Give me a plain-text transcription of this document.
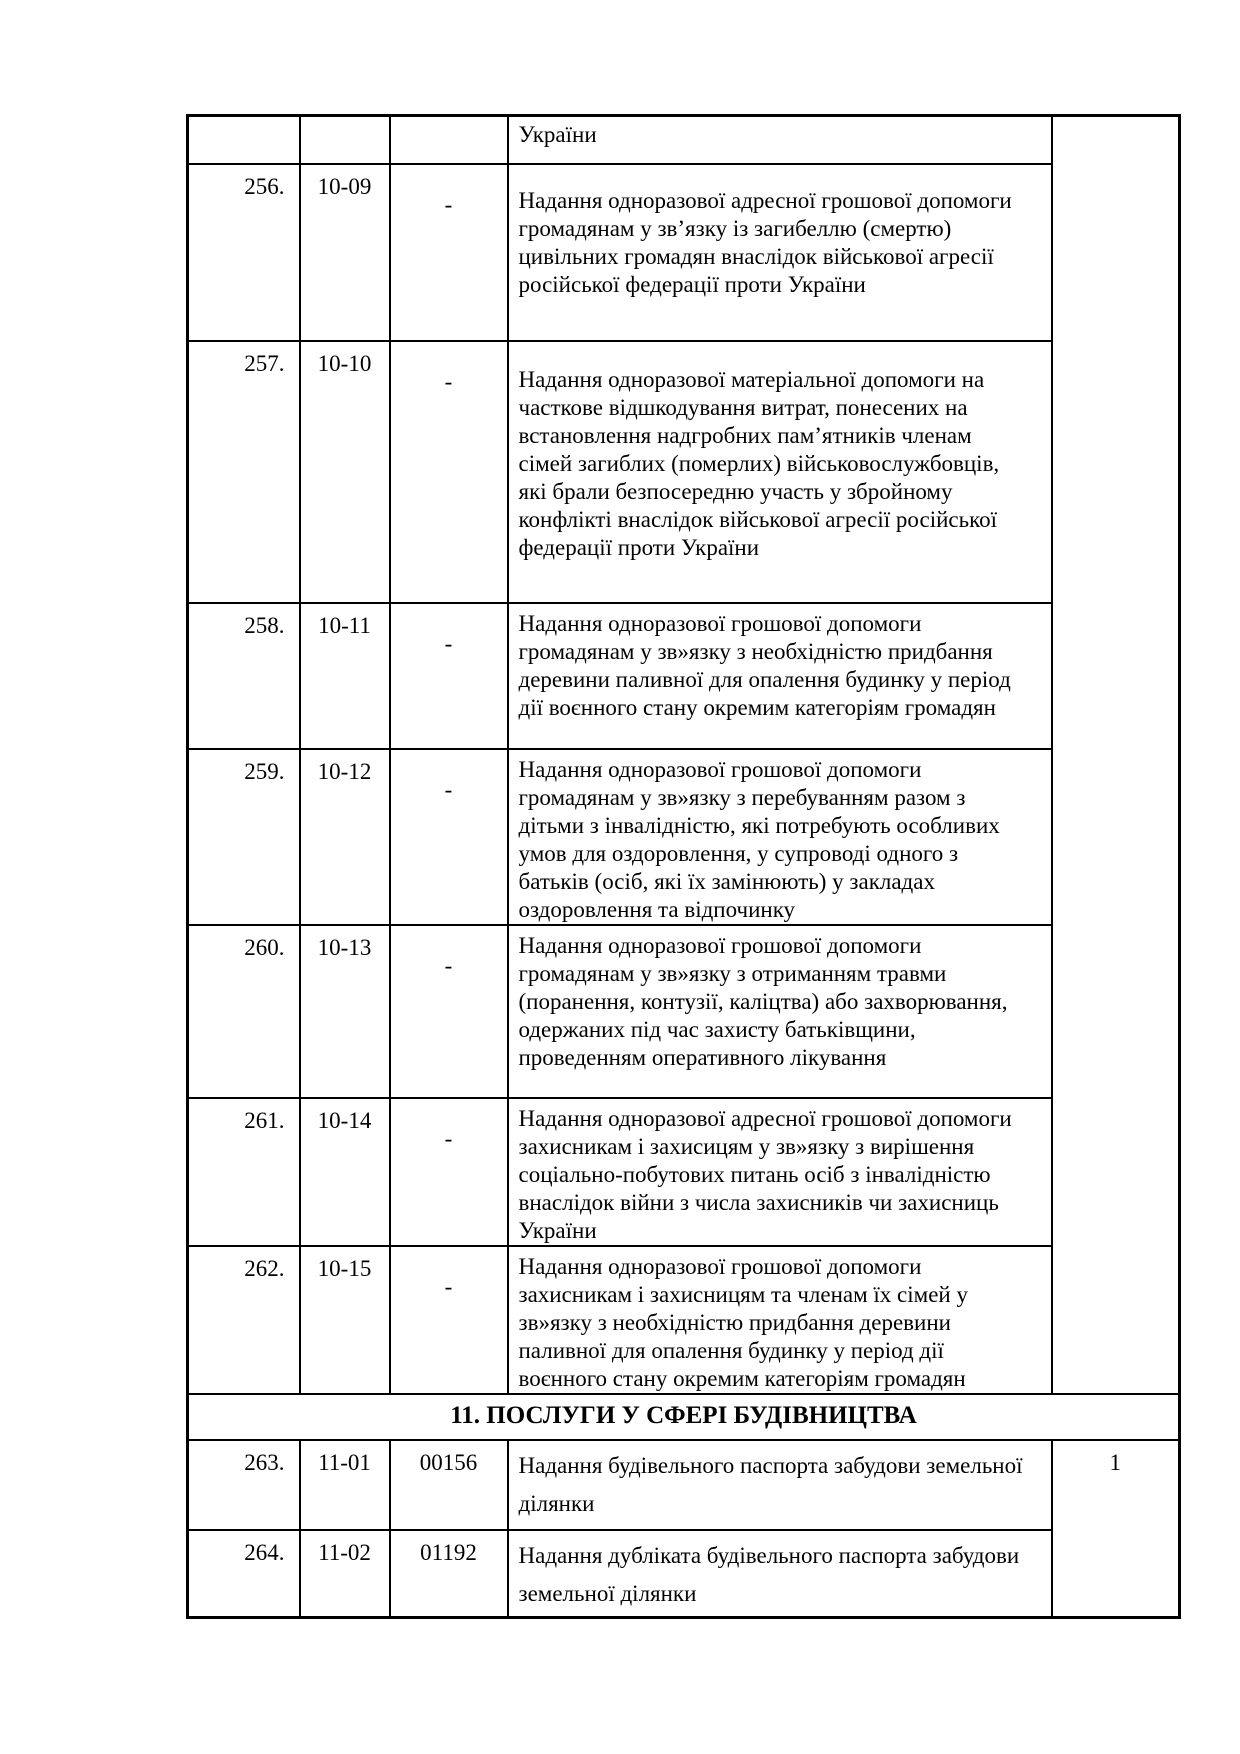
			України	
256.	10-09	-	Надання одноразової адресної грошової допомоги громадянам у зв’язку із загибеллю (смертю) цивільних громадян внаслідок військової агресії російської федерації проти України	
257.	10-10	-	Надання одноразової матеріальної допомоги на часткове відшкодування витрат, понесених на встановлення надгробних пам’ятників членам сімей загиблих (померлих) військовослужбовців, які брали безпосередню участь у збройному конфлікті внаслідок військової агресії російської федерації проти України	
258.	10-11	-	Надання одноразової грошової допомоги громадянам у зв»язку з необхідністю придбання деревини паливної для опалення будинку у період дії воєнного стану окремим категоріям громадян	
259.	10-12	-	Надання одноразової грошової допомоги громадянам у зв»язку з перебуванням разом з дітьми з інвалідністю, які потребують особливих умов для оздоровлення, у супроводі одного з батьків (осіб, які їх замінюють) у закладах оздоровлення та відпочинку	
260.	10-13	-	Надання одноразової грошової допомоги громадянам у зв»язку з отриманням травми (поранення, контузії, каліцтва) або захворювання, одержаних під час захисту батьківщини, проведенням оперативного лікування	
261.	10-14	-	Надання одноразової адресної грошової допомоги захисникам і захисицям у зв»язку з вирішення соціально-побутових питань осіб з інвалідністю внаслідок війни з числа захисників чи захисниць України	
262.	10-15	-	Надання одноразової грошової допомоги захисникам і захисницям та членам їх сімей у зв»язку з необхідністю придбання деревини паливної для опалення будинку у період дії воєнного стану окремим категоріям громадян	
11. ПОСЛУГИ У СФЕРІ БУДІВНИЦТВА				
263.	11-01	00156	Надання будівельного паспорта забудови земельної ділянки	1
264.	11-02	01192	Надання дубліката будівельного паспорта забудови земельної ділянки	
